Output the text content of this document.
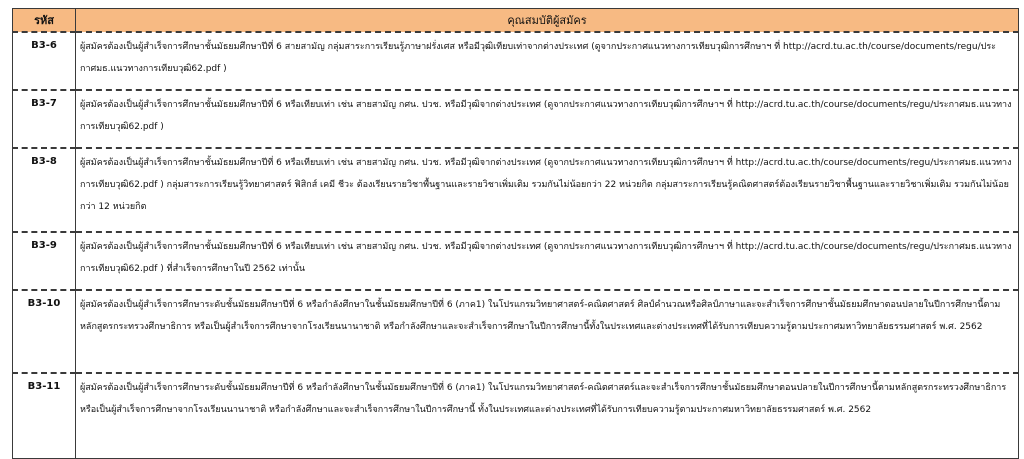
รหัส	คุณสมบัติผู้สมัคร
B3-6	ผู้สมัครต้องเป็นผู้สำเร็จการศึกษาชั้นมัธยมศึกษาปีที่ 6 สายสามัญ กลุ่มสาระการเรียนรู้ภาษาฝรั่งเศส หรือมีวุฒิเทียบเท่าจากต่างประเทศ (ดูจากประกาศแนวทางการเทียบวุฒิการศึกษาฯ ที่ http://acrd.tu.ac.th/course/documents/regu/ประกาศมธ.แนวทางการเทียบวุฒิ62.pdf )
B3-7	ผู้สมัครต้องเป็นผู้สำเร็จการศึกษาชั้นมัธยมศึกษาปีที่ 6 หรือเทียบเท่า เช่น สายสามัญ กศน. ปวช. หรือมีวุฒิจากต่างประเทศ (ดูจากประกาศแนวทางการเทียบวุฒิการศึกษาฯ ที่ http://acrd.tu.ac.th/course/documents/regu/ประกาศมธ.แนวทางการเทียบวุฒิ62.pdf )
B3-8	ผู้สมัครต้องเป็นผู้สำเร็จการศึกษาชั้นมัธยมศึกษาปีที่ 6 หรือเทียบเท่า เช่น สายสามัญ กศน. ปวช. หรือมีวุฒิจากต่างประเทศ (ดูจากประกาศแนวทางการเทียบวุฒิการศึกษาฯ ที่ http://acrd.tu.ac.th/course/documents/regu/ประกาศมธ.แนวทางการเทียบวุฒิ62.pdf ) กลุ่มสาระการเรียนรู้วิทยาศาสตร์ ฟิสิกส์ เคมี ชีวะ ต้องเรียนรายวิชาพื้นฐานและรายวิชาเพิ่มเติม รวมกันไม่น้อยกว่า 22 หน่วยกิต กลุ่มสาระการเรียนรู้คณิตศาสตร์ต้องเรียนรายวิชาพื้นฐานและรายวิชาเพิ่มเติม รวมกันไม่น้อยกว่า 12 หน่วยกิต
B3-9	ผู้สมัครต้องเป็นผู้สำเร็จการศึกษาชั้นมัธยมศึกษาปีที่ 6 หรือเทียบเท่า เช่น สายสามัญ กศน. ปวช. หรือมีวุฒิจากต่างประเทศ (ดูจากประกาศแนวทางการเทียบวุฒิการศึกษาฯ ที่ http://acrd.tu.ac.th/course/documents/regu/ประกาศมธ.แนวทางการเทียบวุฒิ62.pdf ) ที่สำเร็จการศึกษาในปี 2562 เท่านั้น
B3-10	ผู้สมัครต้องเป็นผู้สำเร็จการศึกษาระดับชั้นมัธยมศึกษาปีที่ 6 หรือกำลังศึกษาในชั้นมัธยมศึกษาปีที่ 6 (ภาค1) ในโปรแกรมวิทยาศาสตร์-คณิตศาสตร์ ศิลป์คำนวณหรือศิลป์ภาษาและจะสำเร็จการศึกษาชั้นมัธยมศึกษาตอนปลายในปีการศึกษานี้ตามหลักสูตรกระทรวงศึกษาธิการ หรือเป็นผู้สำเร็จการศึกษาจากโรงเรียนนานาชาติ หรือกำลังศึกษาและจะสำเร็จการศึกษาในปีการศึกษานี้ทั้งในประเทศและต่างประเทศที่ได้รับการเทียบความรู้ตามประกาศมหาวิทยาลัยธรรมศาสตร์ พ.ศ. 2562
B3-11	ผู้สมัครต้องเป็นผู้สำเร็จการศึกษาระดับชั้นมัธยมศึกษาปีที่ 6 หรือกำลังศึกษาในชั้นมัธยมศึกษาปีที่ 6 (ภาค1) ในโปรแกรมวิทยาศาสตร์-คณิตศาสตร์และจะสำเร็จการศึกษาชั้นมัธยมศึกษาตอนปลายในปีการศึกษานี้ตามหลักสูตรกระทรวงศึกษาธิการ หรือเป็นผู้สำเร็จการศึกษาจากโรงเรียนนานาชาติ หรือกำลังศึกษาและจะสำเร็จการศึกษาในปีการศึกษานี้ ทั้งในประเทศและต่างประเทศที่ได้รับการเทียบความรู้ตามประกาศมหาวิทยาลัยธรรมศาสตร์ พ.ศ. 2562
